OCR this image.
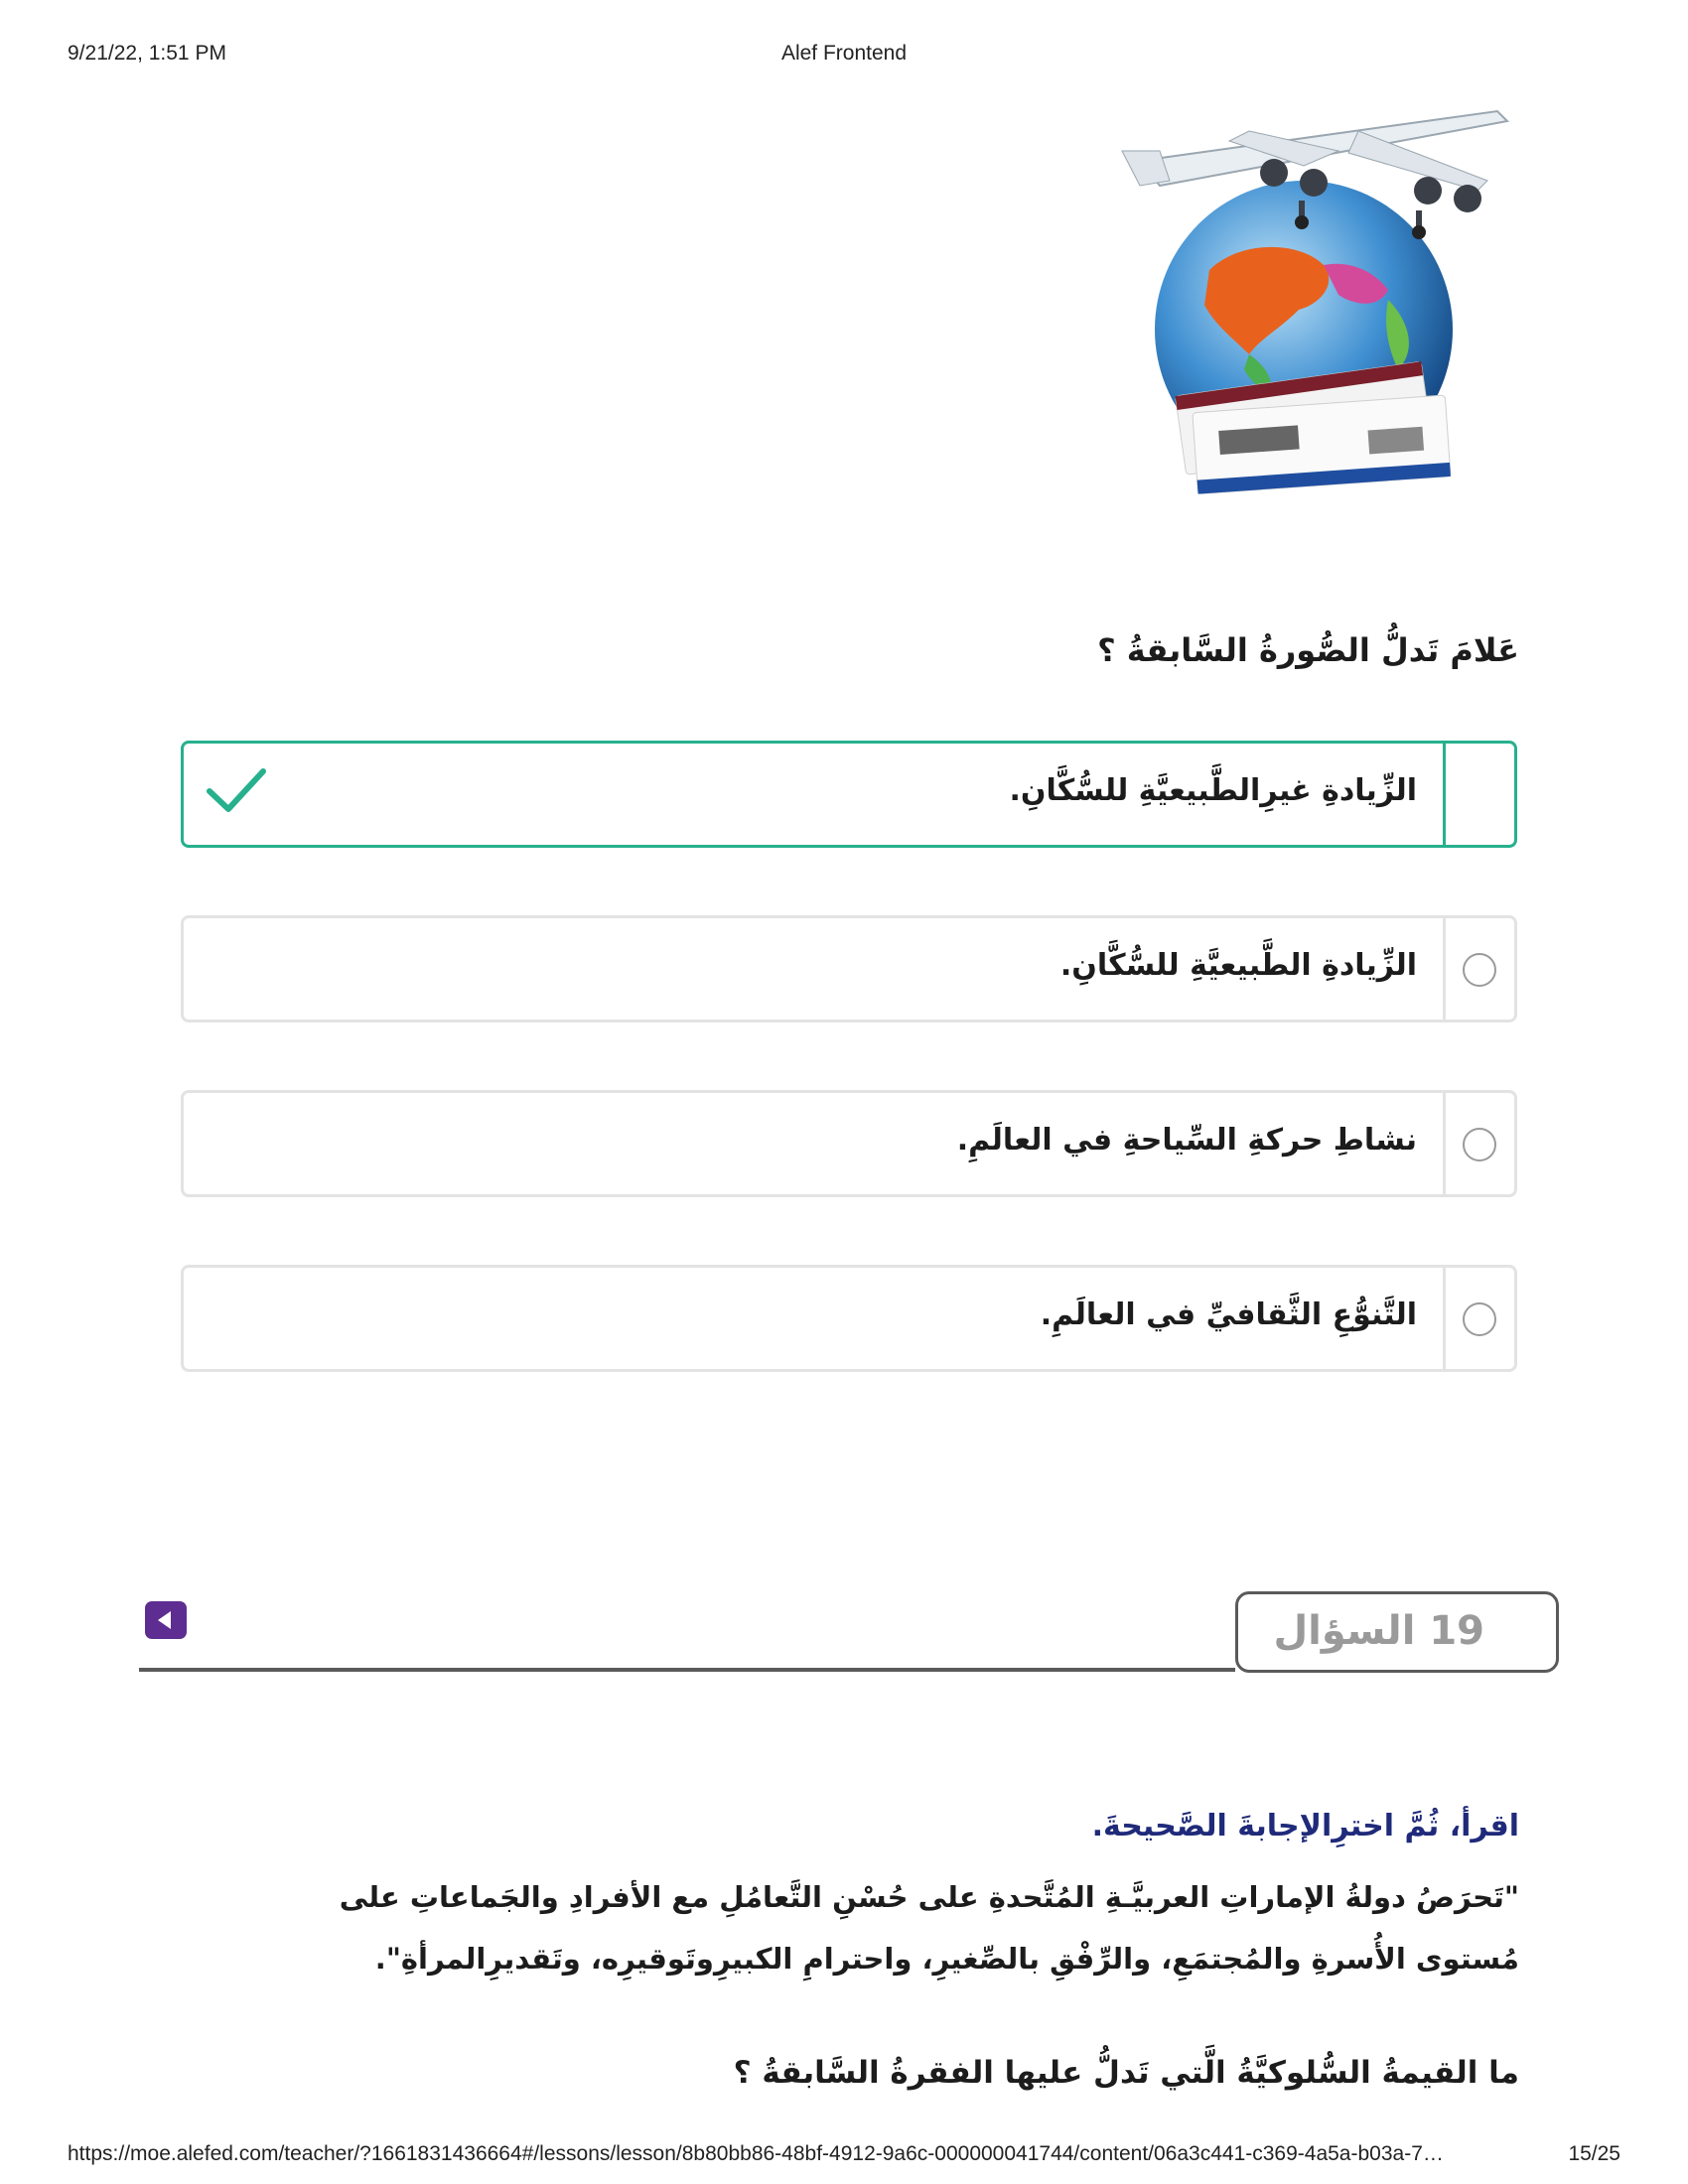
9/21/22, 1:51 PM	Alef Frontend
عَلامَ تَدلُّ الصُّورةُ السَّابقةُ ؟
الزِّيادةِ غيرِالطَّبيعيَّةِ للسُّكَّانِ.
الزِّيادةِ الطَّبيعيَّةِ للسُّكَّانِ.
نشاطِ حركةِ السِّياحةِ في العالَمِ.
التَّنوُّعِ الثَّقافيِّ في العالَمِ.
19 السؤال
اقرأ، ثُمَّ اخترِالإجابةَ الصَّحيحةَ.
"تَحرَصُ دولةُ الإماراتِ العربيَّـةِ المُتَّحدةِ على حُسْنِ التَّعامُلِ مع الأفرادِ والجَماعاتِ على مُستوى الأُسرةِ والمُجتمَعِ، والرِّفْقِ بالصِّغيرِ، واحترامِ الكبيرِوتَوقيرِه، وتَقديرِالمرأةِ".
ما القيمةُ السُّلوكيَّةُ الَّتي تَدلُّ عليها الفقرةُ السَّابقةُ ؟
https://moe.alefed.com/teacher/?1661831436664#/lessons/lesson/8b80bb86-48bf-4912-9a6c-000000041744/content/06a3c441-c369-4a5a-b03a-7…	15/25
